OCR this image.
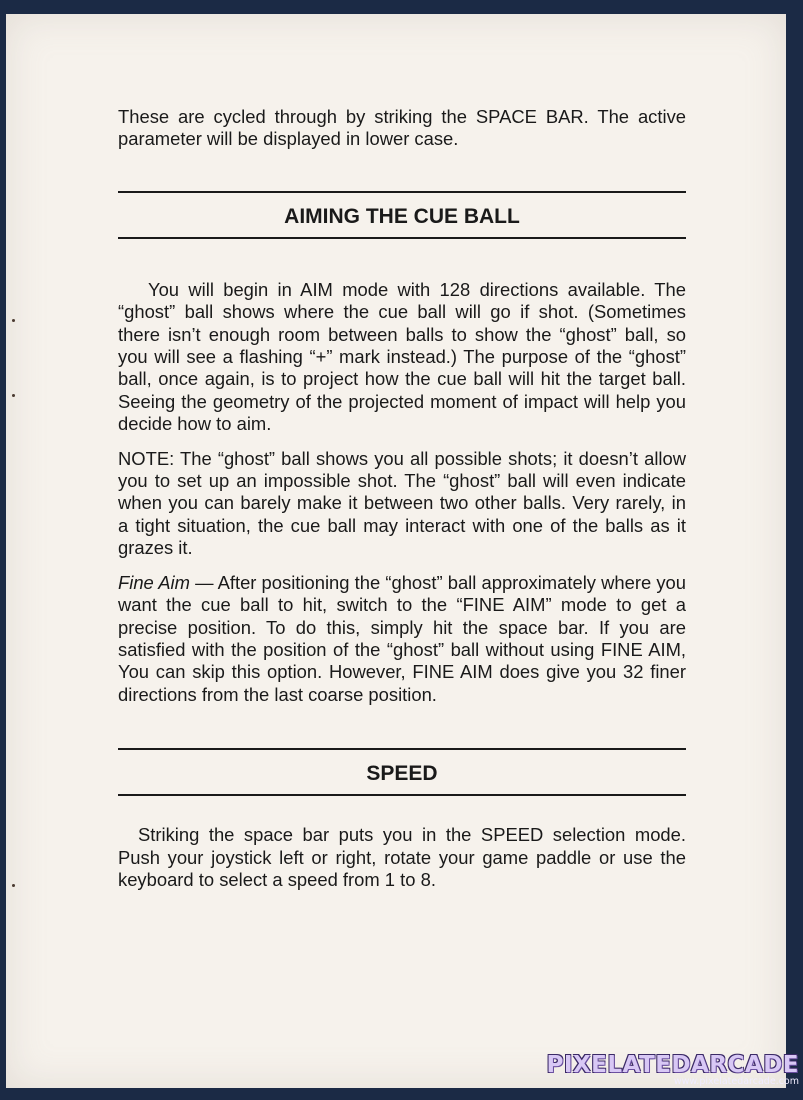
These are cycled through by striking the SPACE BAR. The active parameter will be displayed in lower case.

AIMING THE CUE BALL

You will begin in AIM mode with 128 directions available. The “ghost” ball shows where the cue ball will go if shot. (Sometimes there isn’t enough room between balls to show the “ghost” ball, so you will see a flashing “+” mark instead.) The purpose of the “ghost” ball, once again, is to project how the cue ball will hit the target ball. Seeing the geometry of the projected moment of impact will help you decide how to aim.

NOTE: The “ghost” ball shows you all possible shots; it doesn’t allow you to set up an impossible shot. The “ghost” ball will even indicate when you can barely make it between two other balls. Very rarely, in a tight situation, the cue ball may interact with one of the balls as it grazes it.

Fine Aim — After positioning the “ghost” ball approximately where you want the cue ball to hit, switch to the “FINE AIM” mode to get a precise position. To do this, simply hit the space bar. If you are satisfied with the position of the “ghost” ball without using FINE AIM, You can skip this option. However, FINE AIM does give you 32 finer directions from the last coarse position.

SPEED

Striking the space bar puts you in the SPEED selection mode. Push your joystick left or right, rotate your game paddle or use the keyboard to select a speed from 1 to 8.

PIXELATEDARCADE
www.pixelatedarcade.com
